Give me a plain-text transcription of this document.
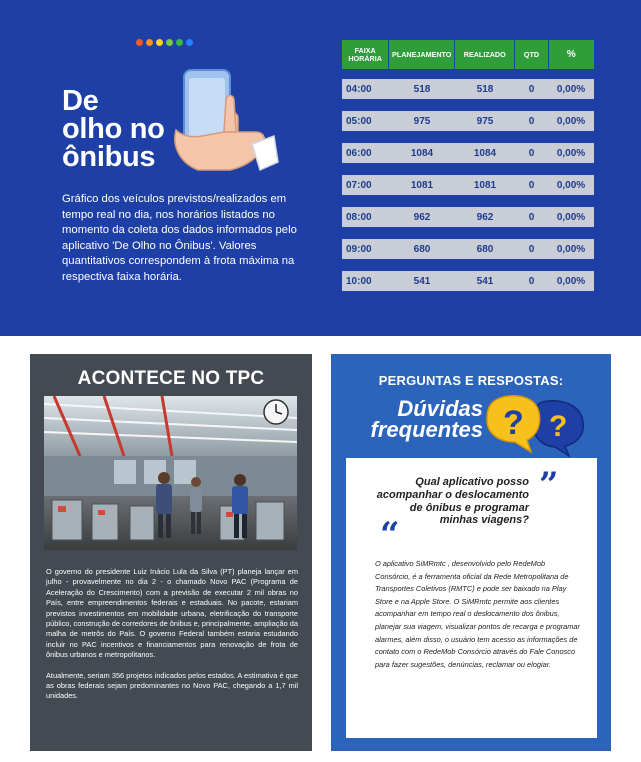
De
olho no
ônibus

Gráfico dos veículos previstos/realizados em tempo real no dia, nos horários listados no momento da coleta dos dados informados pelo aplicativo 'De Olho no Ônibus'. Valores quantitativos correspondem à frota máxima na respectiva faixa horária.

FAIXA
HORÁRIA	PLANEJAMENTO	REALIZADO	QTD	%
04:00	518	518	0	0,00%
05:00	975	975	0	0,00%
06:00	1084	1084	0	0,00%
07:00	1081	1081	0	0,00%
08:00	962	962	0	0,00%
09:00	680	680	0	0,00%
10:00	541	541	0	0,00%
ACONTECE NO TPC

O governo do presidente Luiz Inácio Lula da Silva (PT) planeja lançar em julho - provavelmente no dia 2 - o chamado Novo PAC (Programa de Aceleração do Crescimento) com a previsão de executar 2 mil obras no País, entre empreendimentos federais e estaduais. No pacote, estariam previstos investimentos em mobilidade urbana, eletrificação do transporte público, construção de corredores de ônibus e, principalmente, ampliação da malha de metrôs do País. O governo Federal também estaria estudando incluir no PAC incentivos e financiamentos para renovação de frota de ônibus urbanos e metropolitanos.

Atualmente, seriam 356 projetos indicados pelos estados. A estimativa é que as obras federais sejam predominantes no Novo PAC, chegando a 1,7 mil unidades.

PERGUNTAS E RESPOSTAS:
Dúvidas
frequentes ? ?
”

Qual aplicativo posso acompanhar o deslocamento de ônibus e programar minhas viagens?

“

O aplicativo SiMRmtc , desenvolvido pelo RedeMob Consórcio, é a ferramenta oficial da Rede Metropolitana de Transportes Coletivos (RMTC) e pode ser baixado na Play Store e na Apple Store. O SiMRmtc permite aos clientes acompanhar em tempo real o deslocamento dos ônibus, planejar sua viagem, visualizar pontos de recarga e programar alarmes, além disso, o usuário tem acesso as informações de contato com o RedeMob Consórcio através do Fale Conosco para fazer sugestões, denúncias, reclamar ou elogiar.
